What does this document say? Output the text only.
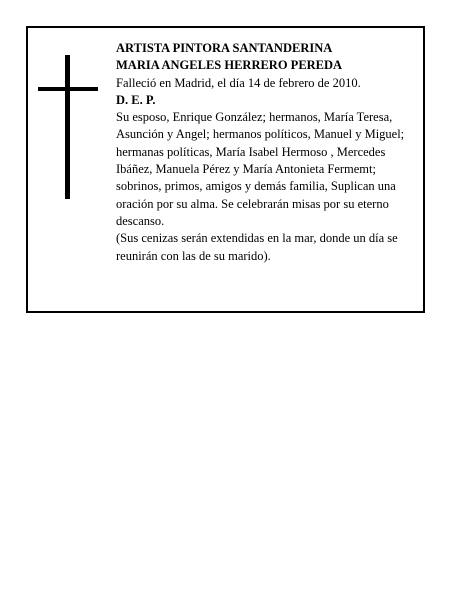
ARTISTA PINTORA SANTANDERINA

MARIA ANGELES HERRERO PEREDA

Falleció en Madrid, el día 14 de febrero de 2010.

D. E. P.

Su esposo, Enrique González; hermanos, María Teresa, Asunción y Angel; hermanos políticos, Manuel y Miguel; hermanas políticas, María Isabel Hermoso , Mercedes Ibáñez, Manuela Pérez y María Antonieta Fermemt; sobrinos, primos, amigos y demás familia, Suplican una oración por su alma. Se celebrarán misas por su eterno descanso.

(Sus cenizas serán extendidas en la mar, donde un día se reunirán con las de su marido).
